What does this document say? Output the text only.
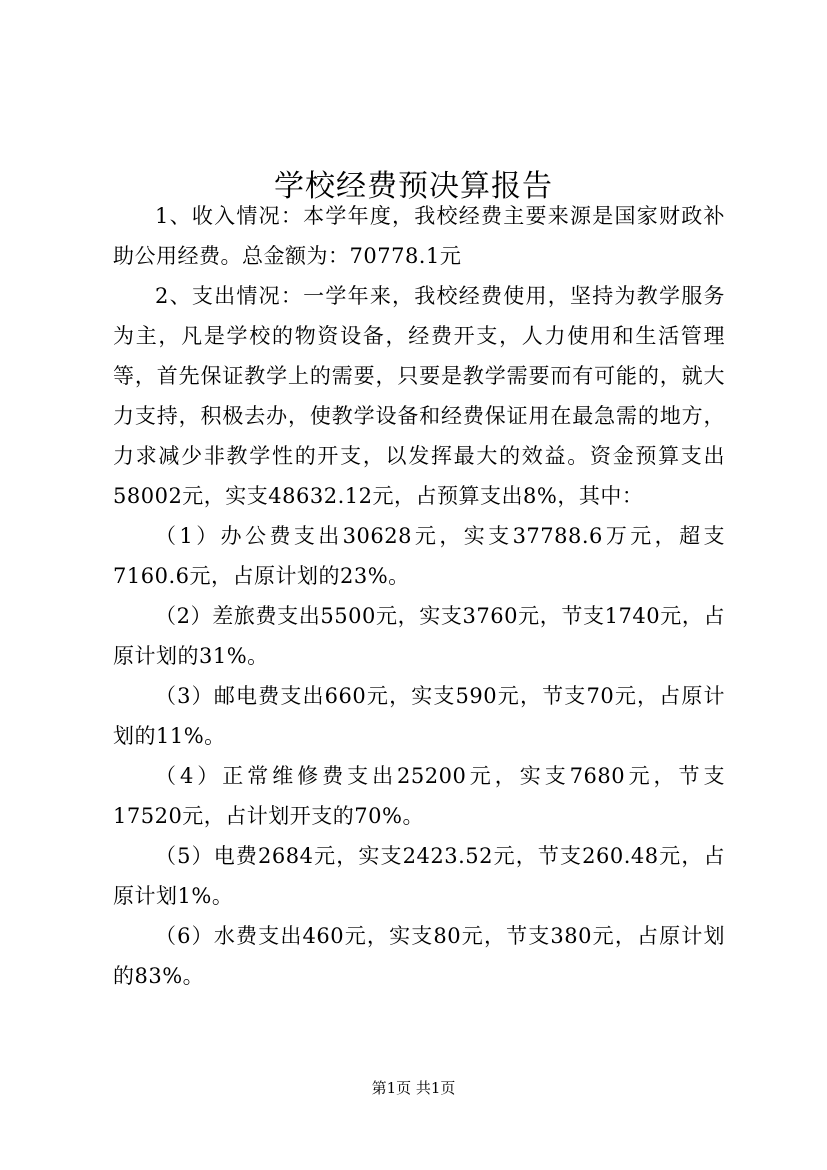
学校经费预决算报告

1、收入情况：本学年度，我校经费主要来源是国家财政补助公用经费。总金额为：70778.1元

2、支出情况：一学年来，我校经费使用，坚持为教学服务为主，凡是学校的物资设备，经费开支，人力使用和生活管理等，首先保证教学上的需要，只要是教学需要而有可能的，就大力支持，积极去办，使教学设备和经费保证用在最急需的地方，力求减少非教学性的开支，以发挥最大的效益。资金预算支出58002元，实支48632.12元，占预算支出8%，其中：

（1）办公费支出30628元，实支37788.6万元，超支7160.6元，占原计划的23%。

（2）差旅费支出5500元，实支3760元，节支1740元，占原计划的31%。

（3）邮电费支出660元，实支590元，节支70元，占原计划的11%。

（4）正常维修费支出25200元，实支7680元，节支17520元，占计划开支的70%。

（5）电费2684元，实支2423.52元，节支260.48元，占原计划1%。

（6）水费支出460元，实支80元，节支380元，占原计划的83%。

第1页 共1页
